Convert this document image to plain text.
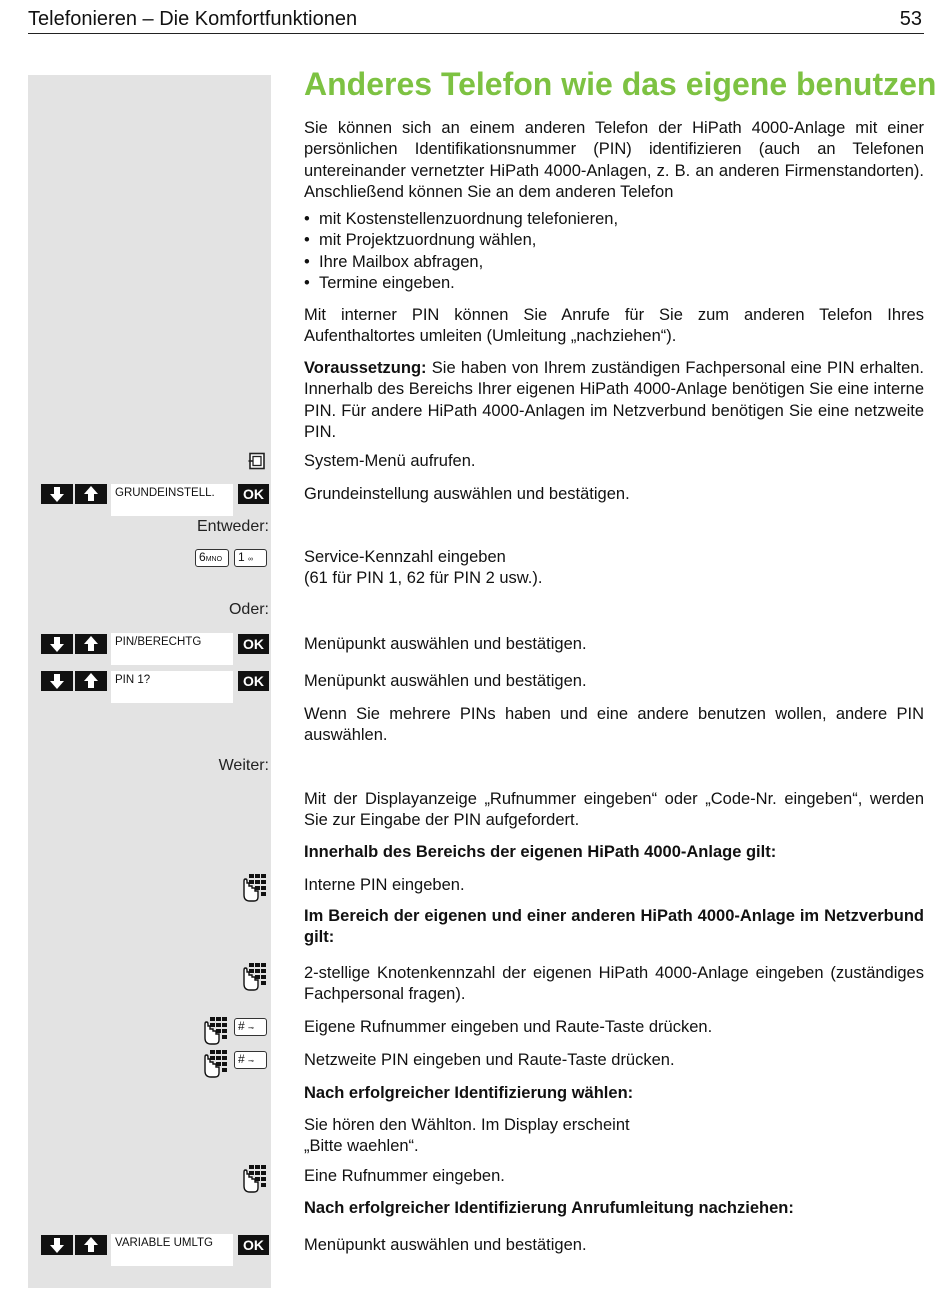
Telefonieren – Die Komfortfunktionen	53
Anderes Telefon wie das eigene benutzen

Sie können sich an einem anderen Telefon der HiPath 4000-Anlage mit einer persönlichen Identifikationsnummer (PIN) identifizieren (auch an Telefonen untereinander vernetzter HiPath 4000-Anlagen, z. B. an anderen Firmenstandorten). Anschließend können Sie an dem anderen Telefon

• mit Kostenstellenzuordnung telefonieren,
• mit Projektzuordnung wählen,
• Ihre Mailbox abfragen,
• Termine eingeben.

Mit interner PIN können Sie Anrufe für Sie zum anderen Telefon Ihres Aufenthaltortes umleiten (Umleitung „nachziehen“).

Voraussetzung: Sie haben von Ihrem zuständigen Fachpersonal eine PIN erhalten. Innerhalb des Bereichs Ihrer eigenen HiPath 4000-Anlage benötigen Sie eine interne PIN. Für andere HiPath 4000-Anlagen im Netzverbund benötigen Sie eine netzweite PIN.

System-Menü aufrufen.

GRUNDEINSTELL.	OK	Grundeinstellung auswählen und bestätigen.

Entweder:
6MNO	1 ∞	Service-Kennzahl eingeben

(61 für PIN 1, 62 für PIN 2 usw.).

Oder:
PIN/BERECHTG	OK	Menüpunkt auswählen und bestätigen.

PIN 1?	OK	Menüpunkt auswählen und bestätigen.

Wenn Sie mehrere PINs haben und eine andere benutzen wollen, andere PIN auswählen.

Weiter:

Mit der Displayanzeige „Rufnummer eingeben“ oder „Code-Nr. eingeben“, werden Sie zur Eingabe der PIN aufgefordert.

Innerhalb des Bereichs der eigenen HiPath 4000-Anlage gilt:

Interne PIN eingeben.

Im Bereich der eigenen und einer anderen HiPath 4000-Anlage im Netzverbund gilt:

2-stellige Knotenkennzahl der eigenen HiPath 4000-Anlage eingeben (zuständiges Fachpersonal fragen).

# ⊸	Eigene Rufnummer eingeben und Raute-Taste drücken.

# ⊸	Netzweite PIN eingeben und Raute-Taste drücken.

Nach erfolgreicher Identifizierung wählen:

Sie hören den Wählton. Im Display erscheint

„Bitte waehlen“.

Eine Rufnummer eingeben.

Nach erfolgreicher Identifizierung Anrufumleitung nachziehen:

VARIABLE UMLTG	OK	Menüpunkt auswählen und bestätigen.
